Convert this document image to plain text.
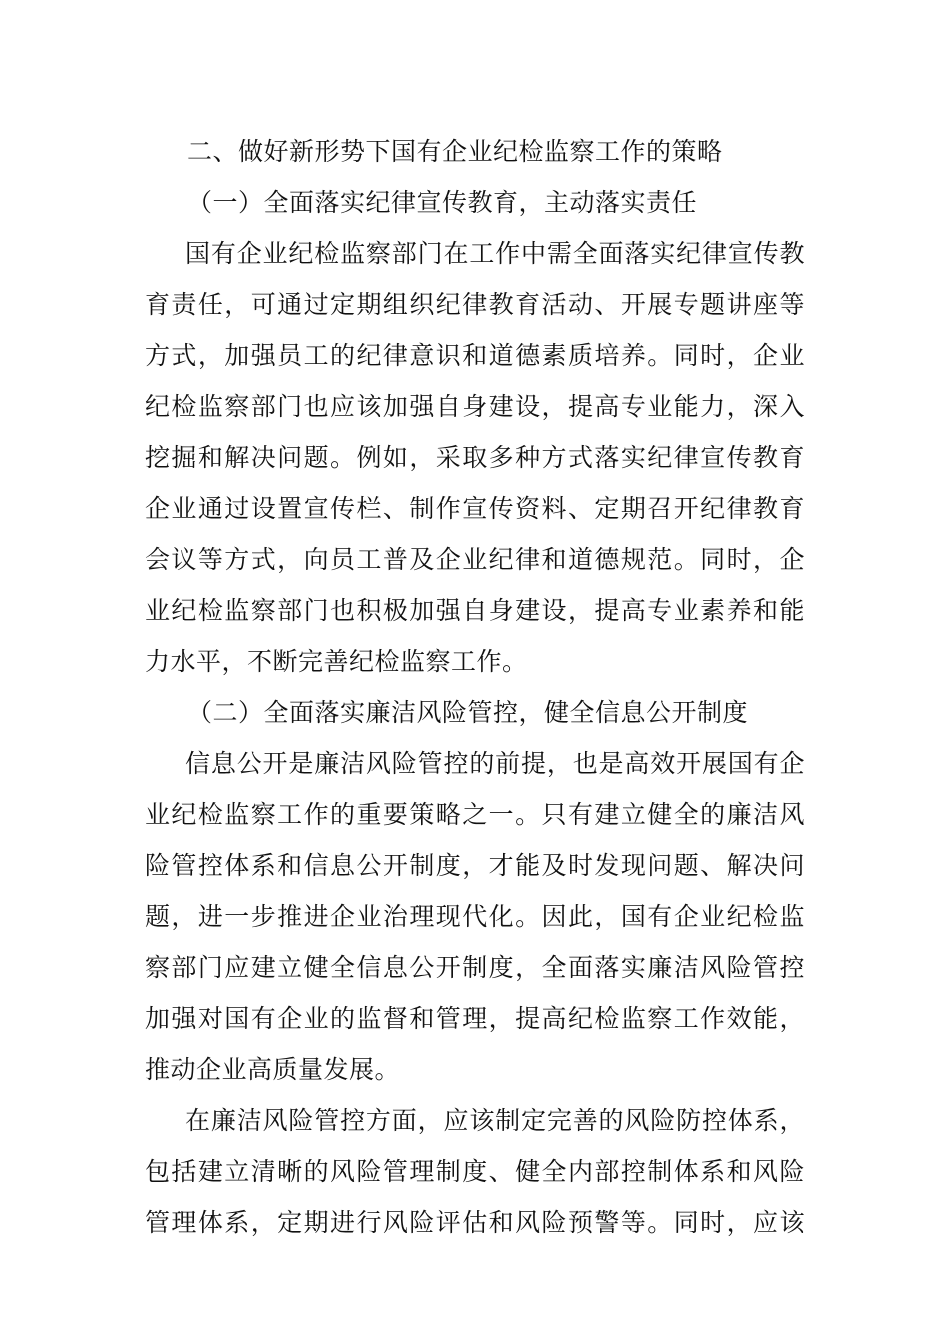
二、做好新形势下国有企业纪检监察工作的策略
（一）全面落实纪律宣传教育，主动落实责任
国有企业纪检监察部门在工作中需全面落实纪律宣传教
育责任，可通过定期组织纪律教育活动、开展专题讲座等
方式，加强员工的纪律意识和道德素质培养。同时，企业
纪检监察部门也应该加强自身建设，提高专业能力，深入
挖掘和解决问题。例如，采取多种方式落实纪律宣传教育
企业通过设置宣传栏、制作宣传资料、定期召开纪律教育
会议等方式，向员工普及企业纪律和道德规范。同时，企
业纪检监察部门也积极加强自身建设，提高专业素养和能
力水平，不断完善纪检监察工作。
（二）全面落实廉洁风险管控，健全信息公开制度
信息公开是廉洁风险管控的前提，也是高效开展国有企
业纪检监察工作的重要策略之一。只有建立健全的廉洁风
险管控体系和信息公开制度，才能及时发现问题、解决问
题，进一步推进企业治理现代化。因此，国有企业纪检监
察部门应建立健全信息公开制度，全面落实廉洁风险管控
加强对国有企业的监督和管理，提高纪检监察工作效能，
推动企业高质量发展。
在廉洁风险管控方面，应该制定完善的风险防控体系，
包括建立清晰的风险管理制度、健全内部控制体系和风险
管理体系，定期进行风险评估和风险预警等。同时，应该
